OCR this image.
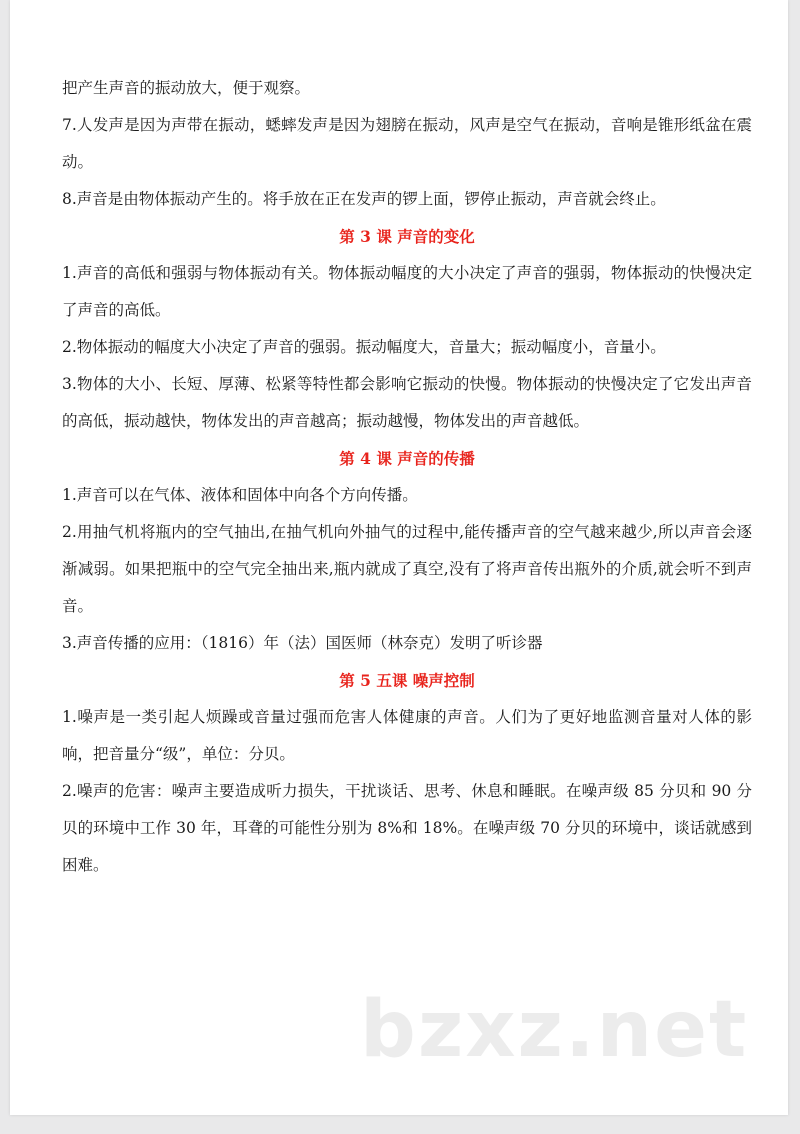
把产生声音的振动放大，便于观察。

7.人发声是因为声带在振动，蟋蟀发声是因为翅膀在振动，风声是空气在振动，音响是锥形纸盆在震动。

8.声音是由物体振动产生的。将手放在正在发声的锣上面，锣停止振动，声音就会终止。

第 3 课 声音的变化

1.声音的高低和强弱与物体振动有关。物体振动幅度的大小决定了声音的强弱，物体振动的快慢决定了声音的高低。

2.物体振动的幅度大小决定了声音的强弱。振动幅度大，音量大；振动幅度小，音量小。

3.物体的大小、长短、厚薄、松紧等特性都会影响它振动的快慢。物体振动的快慢决定了它发出声音的高低，振动越快，物体发出的声音越高；振动越慢，物体发出的声音越低。

第 4 课 声音的传播

1.声音可以在气体、液体和固体中向各个方向传播。

2.用抽气机将瓶内的空气抽出,在抽气机向外抽气的过程中,能传播声音的空气越来越少,所以声音会逐渐减弱。如果把瓶中的空气完全抽出来,瓶内就成了真空,没有了将声音传出瓶外的介质,就会听不到声音。

3.声音传播的应用：（1816）年（法）国医师（林奈克）发明了听诊器

第 5 五课 噪声控制

1.噪声是一类引起人烦躁或音量过强而危害人体健康的声音。人们为了更好地监测音量对人体的影响，把音量分“级”，单位：分贝。

2.噪声的危害：噪声主要造成听力损失，干扰谈话、思考、休息和睡眠。在噪声级 85 分贝和 90 分贝的环境中工作 30 年，耳聋的可能性分别为 8%和 18%。在噪声级 70 分贝的环境中，谈话就感到困难。

bzxz.net
